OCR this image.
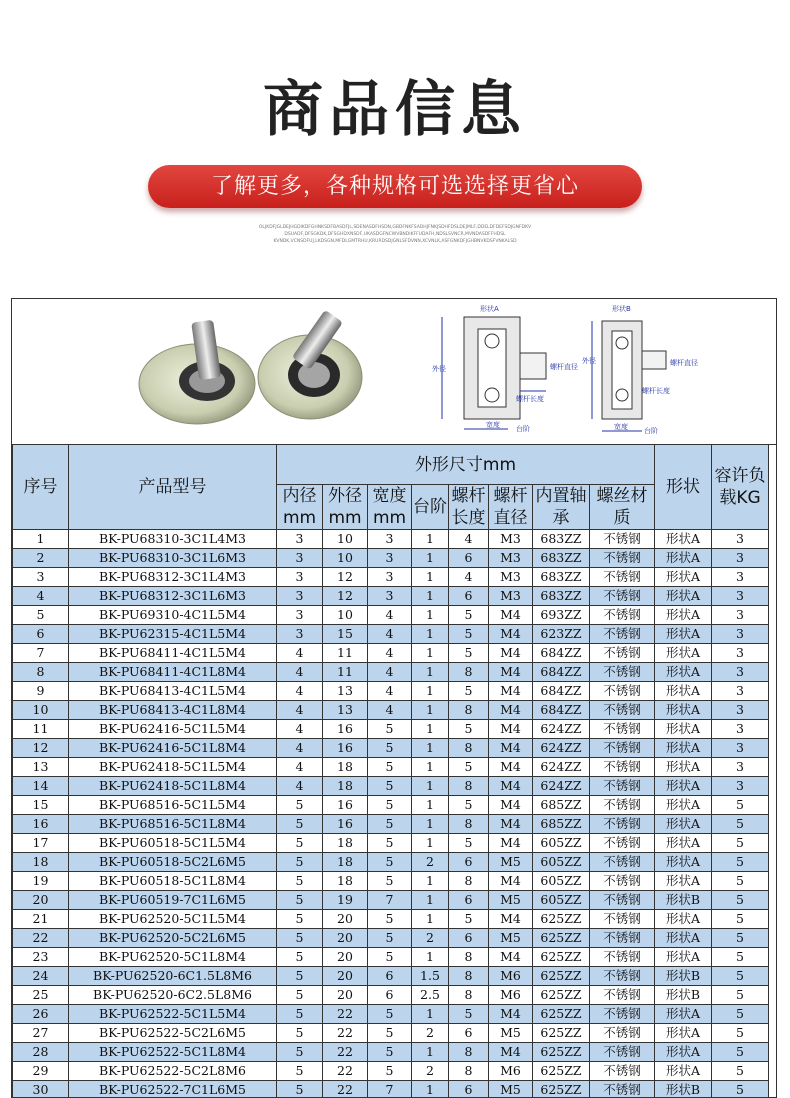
商品信息
了解更多，各种规格可选选择更省心
OLJKDFJGLDEJHGDIKDFGHNKSDFBASDFJL,SDENASDFHSDN,GBDFNKFSADHJFNKJSDHFDSLDEJMLF,DDELDFDEFSDJGNFDKV
DSUADF,DFSGKDK,DFSGHDXNSDF,UKASDGFNCWVBNDIKFFUDAFH,NDSLSVNCR,MVNDASDFFHDSL
KVNDK,VCNSDFUJ,LKDSGN,MFDLGMTRHU,KRURDSDJGNLSFDVNN,XCVNLK,ASFGNKDFJGHBNVKDSFVNKALSD
形状A
外径	螺杆直径
螺杆长度
宽度 台阶
形状B
外径	螺杆直径
螺杆长度
宽度 台阶
序号	产品型号	外形尺寸mm								形状	容许负载KG
		内径mm	外径mm	宽度mm	台阶	螺杆长度	螺杆直径	内置轴承	螺丝材质		
1	BK-PU68310-3C1L4M3	3	10	3	1	4	M3	683ZZ	不锈钢	形状A	3
2	BK-PU68310-3C1L6M3	3	10	3	1	6	M3	683ZZ	不锈钢	形状A	3
3	BK-PU68312-3C1L4M3	3	12	3	1	4	M3	683ZZ	不锈钢	形状A	3
4	BK-PU68312-3C1L6M3	3	12	3	1	6	M3	683ZZ	不锈钢	形状A	3
5	BK-PU69310-4C1L5M4	3	10	4	1	5	M4	693ZZ	不锈钢	形状A	3
6	BK-PU62315-4C1L5M4	3	15	4	1	5	M4	623ZZ	不锈钢	形状A	3
7	BK-PU68411-4C1L5M4	4	11	4	1	5	M4	684ZZ	不锈钢	形状A	3
8	BK-PU68411-4C1L8M4	4	11	4	1	8	M4	684ZZ	不锈钢	形状A	3
9	BK-PU68413-4C1L5M4	4	13	4	1	5	M4	684ZZ	不锈钢	形状A	3
10	BK-PU68413-4C1L8M4	4	13	4	1	8	M4	684ZZ	不锈钢	形状A	3
11	BK-PU62416-5C1L5M4	4	16	5	1	5	M4	624ZZ	不锈钢	形状A	3
12	BK-PU62416-5C1L8M4	4	16	5	1	8	M4	624ZZ	不锈钢	形状A	3
13	BK-PU62418-5C1L5M4	4	18	5	1	5	M4	624ZZ	不锈钢	形状A	3
14	BK-PU62418-5C1L8M4	4	18	5	1	8	M4	624ZZ	不锈钢	形状A	3
15	BK-PU68516-5C1L5M4	5	16	5	1	5	M4	685ZZ	不锈钢	形状A	5
16	BK-PU68516-5C1L8M4	5	16	5	1	8	M4	685ZZ	不锈钢	形状A	5
17	BK-PU60518-5C1L5M4	5	18	5	1	5	M4	605ZZ	不锈钢	形状A	5
18	BK-PU60518-5C2L6M5	5	18	5	2	6	M5	605ZZ	不锈钢	形状A	5
19	BK-PU60518-5C1L8M4	5	18	5	1	8	M4	605ZZ	不锈钢	形状A	5
20	BK-PU60519-7C1L6M5	5	19	7	1	6	M5	605ZZ	不锈钢	形状B	5
21	BK-PU62520-5C1L5M4	5	20	5	1	5	M4	625ZZ	不锈钢	形状A	5
22	BK-PU62520-5C2L6M5	5	20	5	2	6	M5	625ZZ	不锈钢	形状A	5
23	BK-PU62520-5C1L8M4	5	20	5	1	8	M4	625ZZ	不锈钢	形状A	5
24	BK-PU62520-6C1.5L8M6	5	20	6	1.5	8	M6	625ZZ	不锈钢	形状B	5
25	BK-PU62520-6C2.5L8M6	5	20	6	2.5	8	M6	625ZZ	不锈钢	形状B	5
26	BK-PU62522-5C1L5M4	5	22	5	1	5	M4	625ZZ	不锈钢	形状A	5
27	BK-PU62522-5C2L6M5	5	22	5	2	6	M5	625ZZ	不锈钢	形状A	5
28	BK-PU62522-5C1L8M4	5	22	5	1	8	M4	625ZZ	不锈钢	形状A	5
29	BK-PU62522-5C2L8M6	5	22	5	2	8	M6	625ZZ	不锈钢	形状A	5
30	BK-PU62522-7C1L6M5	5	22	7	1	6	M5	625ZZ	不锈钢	形状B	5
